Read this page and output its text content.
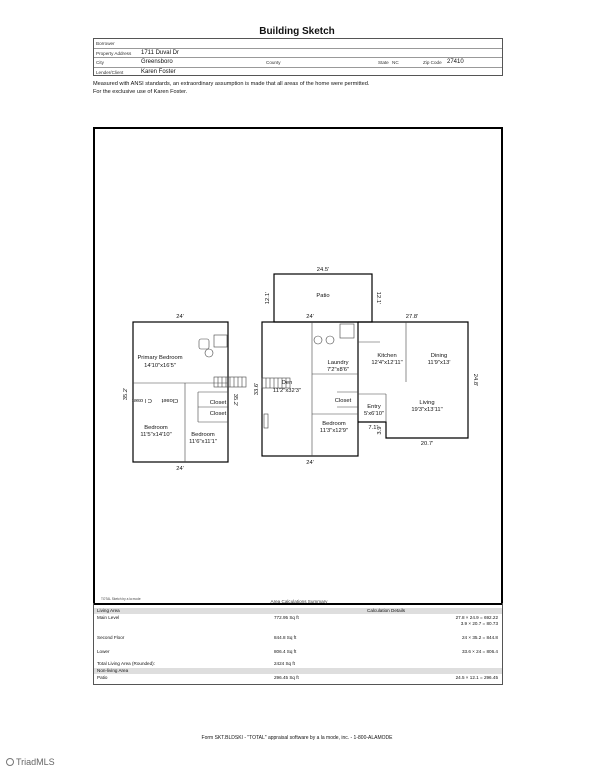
Building Sketch
Borrower
Property Address 1711 Duval Dr
City	Greensboro	County	State NC	Zip Code 27410
Lender/Client	Karen Foster
Measured with ANSI standards, an extraordinary assumption is made that all areas of the home were permitted.
For the exclusive use of Karen Foster.
24'
24'
35.2'	35.2'
Primary Bedroom
14'10"x16'5"
C l oset Closet	Closet
Closet
Bedroom
11'5"x14'10"	Bedroom
11'6"x11'1"
24'
24'
33.6'	Den
11'2"x32'3"
Laundry
7'2"x8'6"
Closet
Bedroom
11'3"x12'9"
24.5'
12.1'	12.1'
Patio
27.8'
24.8'
20.7'
7.1' 3.9'
Kitchen
12'4"x12'11"
Dining
11'9"x13'
Entry
5'x6'10"
Living
19'3"x13'11"
TOTAL Sketch by a la mode	Area Calculations Summary
Living Area	Calculation Details
Main Level	772.95 Sq ft	27.8 × 24.9 = 692.22
3.9 × 20.7 = 80.73
Second Floor	844.8 Sq ft	24 × 35.2 = 844.8
Lower	806.4 Sq ft	33.6 × 24 = 806.4
Total Living Area (Rounded):	2424 Sq ft
Non-living Area
Patio	296.45 Sq ft	24.5 × 12.1 = 296.45
Form SKT.BLDSKI - "TOTAL" appraisal software by a la mode, inc. - 1-800-ALAMODE
TriadMLS
